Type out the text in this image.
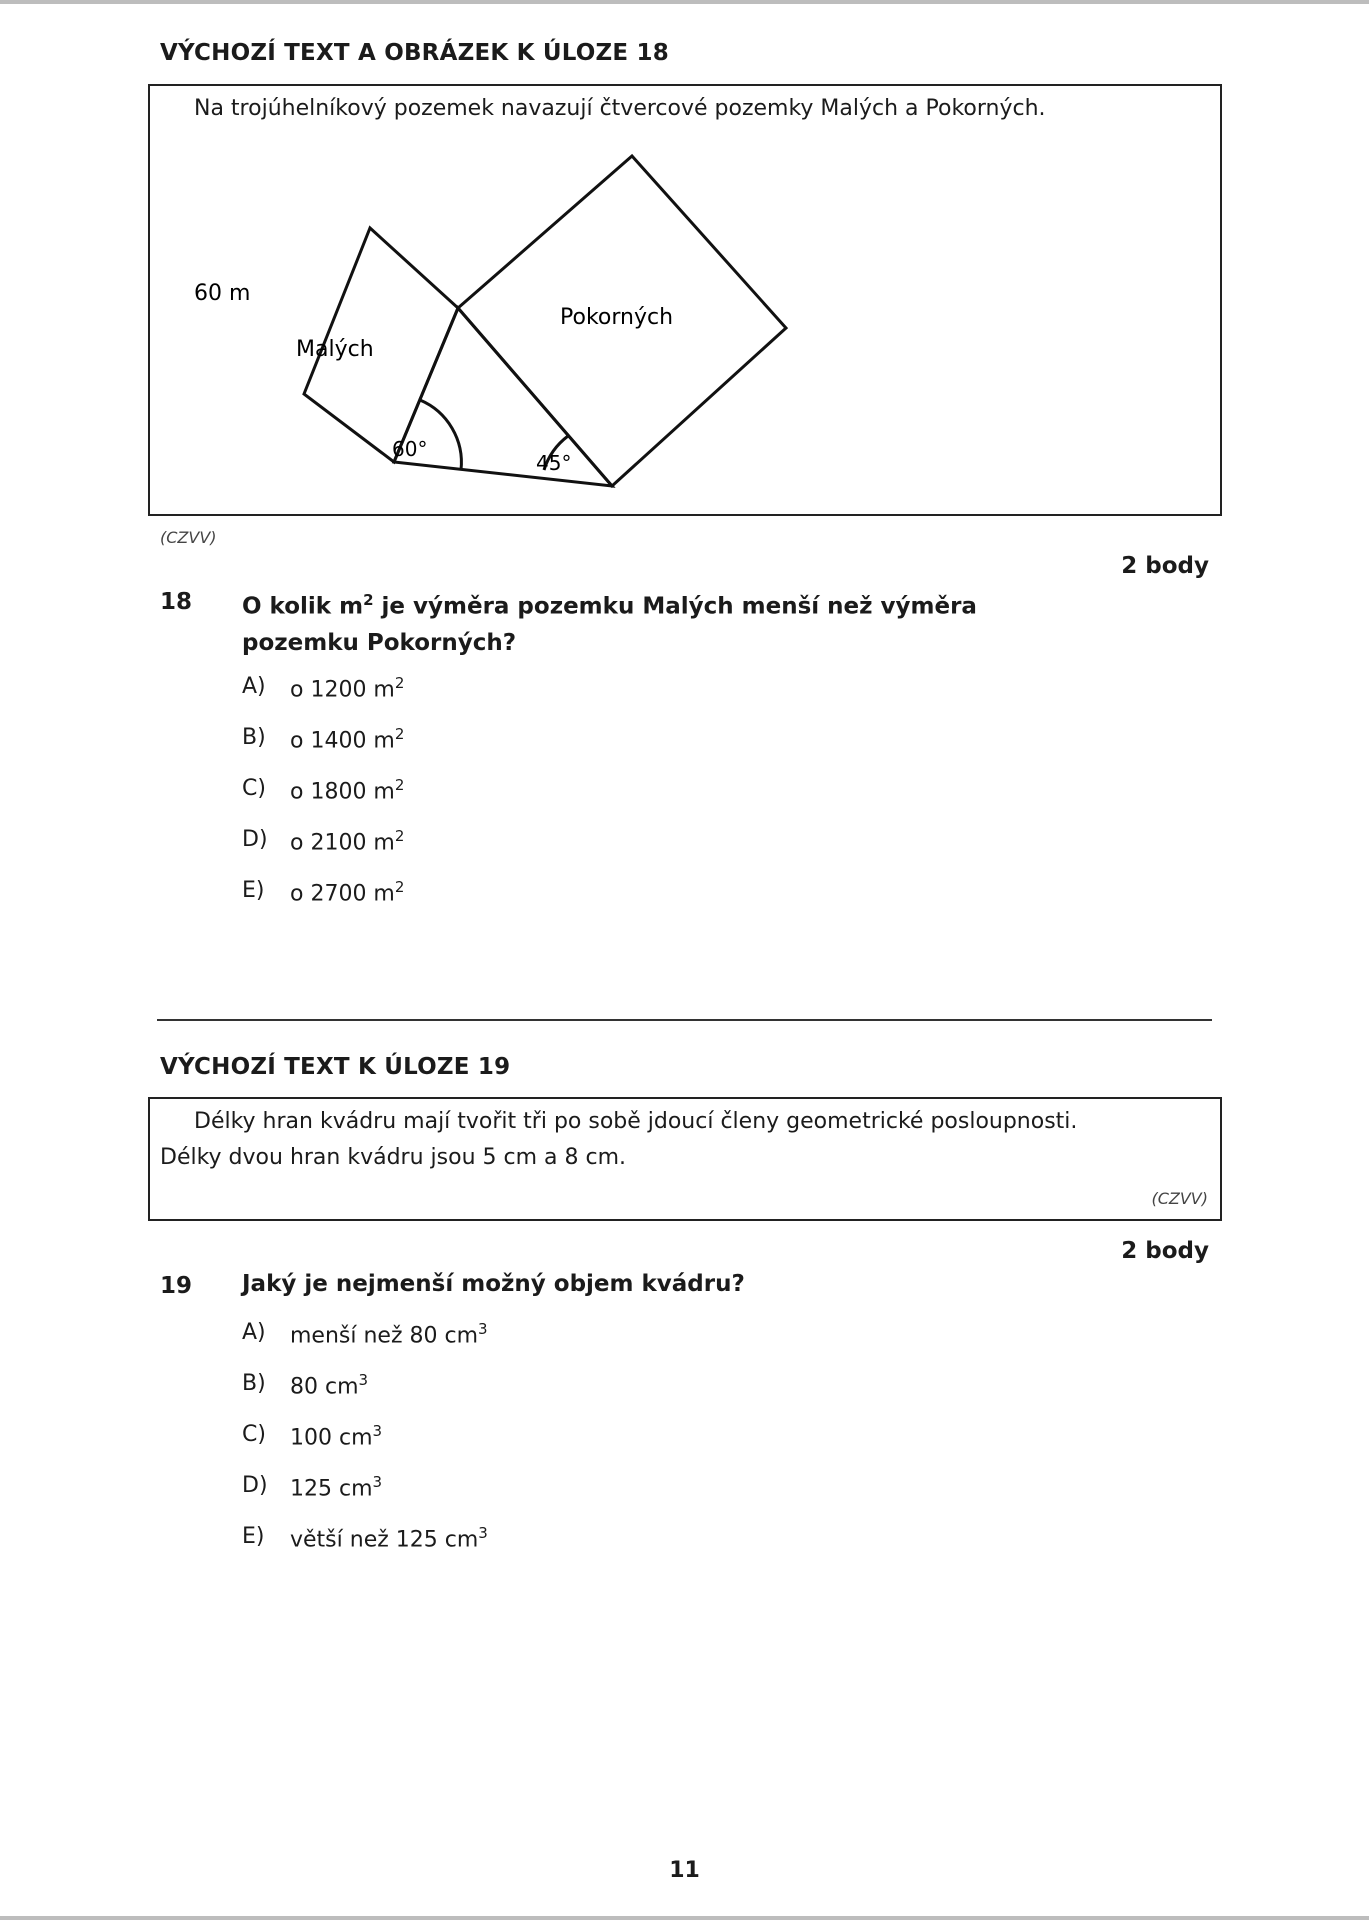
VÝCHOZÍ TEXT A OBRÁZEK K ÚLOZE 18
Na trojúhelníkový pozemek navazují čtvercové pozemky Malých a Pokorných.
60 m
Malých
Pokorných
60°
45°
(CZVV)
2 body
18 O kolik $m^2$ je výměra pozemku Malých menší než výměra pozemku Pokorných?
A) o 1200 $m^2$
B) o 1400 $m^2$
C) o 1800 $m^2$
D) o 2100 $m^2$
E) o 2700 $m^2$
VÝCHOZÍ TEXT K ÚLOZE 19
Délky hran kvádru mají tvořit tři po sobě jdoucí členy geometrické posloupnosti.
Délky dvou hran kvádru jsou 5 cm a 8 cm.
(CZVV)
2 body
19 Jaký je nejmenší možný objem kvádru?
A) menší než 80 $cm^3$
B) 80 $cm^3$
C) 100 $cm^3$
D) 125 $cm^3$
E) větší než 125 $cm^3$
11
